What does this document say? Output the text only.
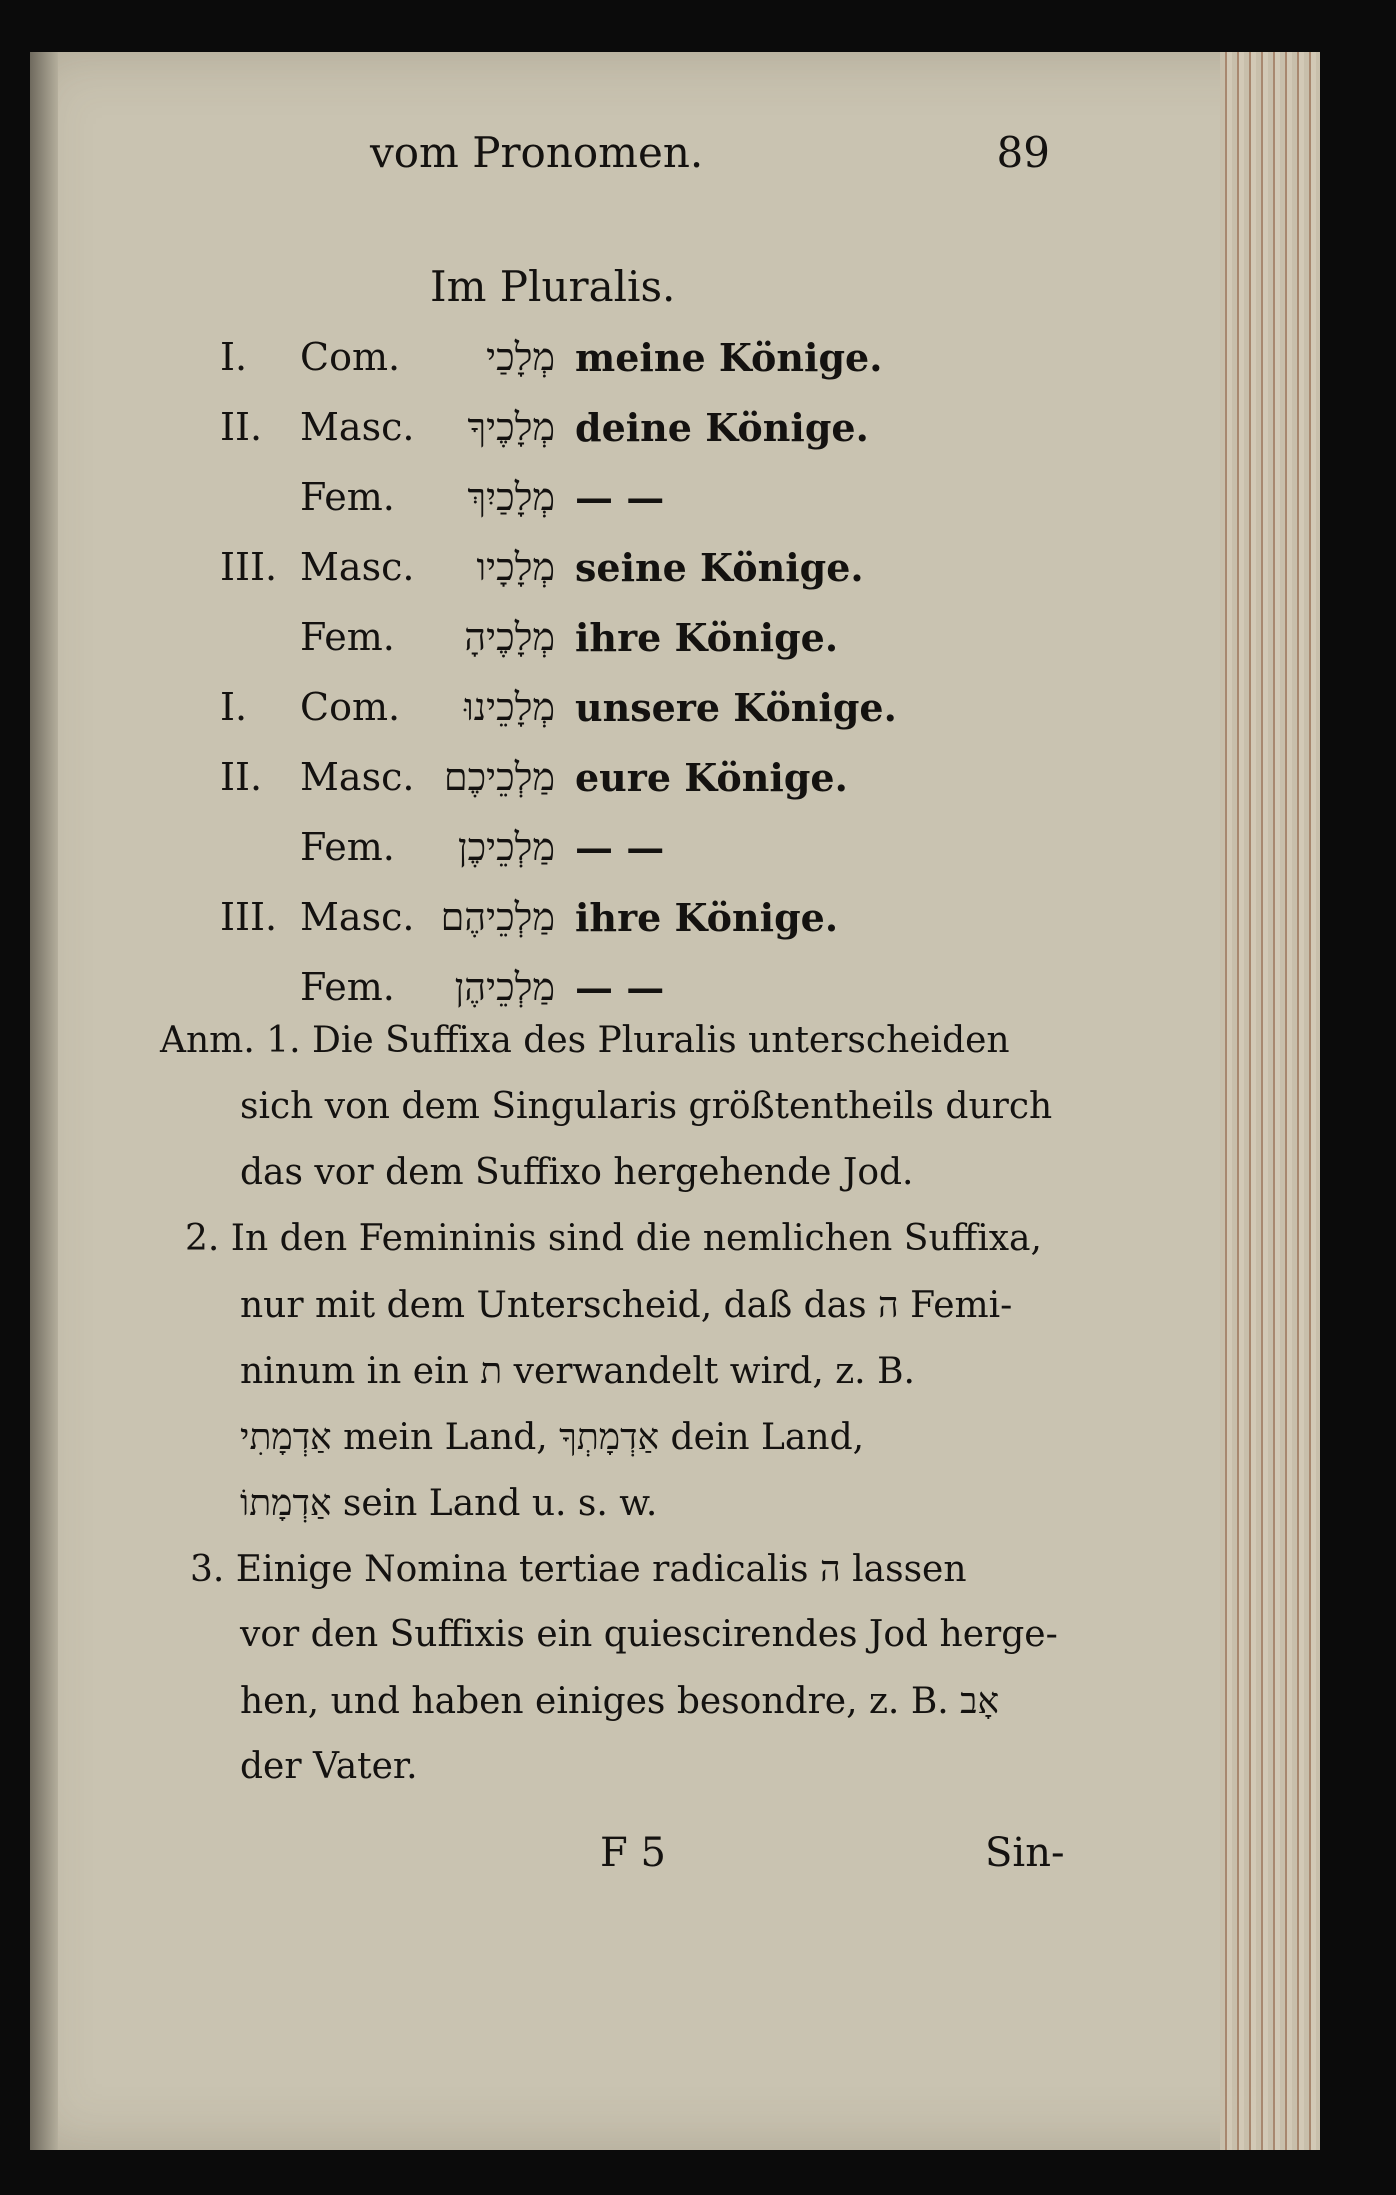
vom Pronomen.	89
Im Pluralis.
I. Com.	מְלָכַי meine Könige.
II. Masc.	מְלָכֶיךָ deine Könige.
Fem.	מְלָכַיִךְ — —
III. Masc.	מְלָכָיו seine Könige.
Fem.	מְלָכֶיהָ ihre Könige.
I. Com.	מְלָכֵינוּ unsere Könige.
II. Masc. מַלְכֵיכֶם eure Könige.
Fem.	מַלְכֵיכֶן — —
III. Masc. מַלְכֵיהֶם ihre Könige.
Fem.	מַלְכֵיהֶן — —
Anm. 1. Die Suffixa des Pluralis unterscheiden
sich von dem Singularis größtentheils durch
das vor dem Suffixo hergehende Jod.
2. In den Femininis sind die nemlichen Suffixa,
nur mit dem Unterscheid, daß das ה Femi-
ninum in ein ת verwandelt wird, z. B.
אַדְמָתִי mein Land, אַדְמָתְךָ dein Land,
אַדְמָתוֹ sein Land u. s. w.
3. Einige Nomina tertiae radicalis ה lassen
vor den Suffixis ein quiescirendes Jod herge-
hen, und haben einiges besondre, z. B. אָב
der Vater.
F 5	Sin-
